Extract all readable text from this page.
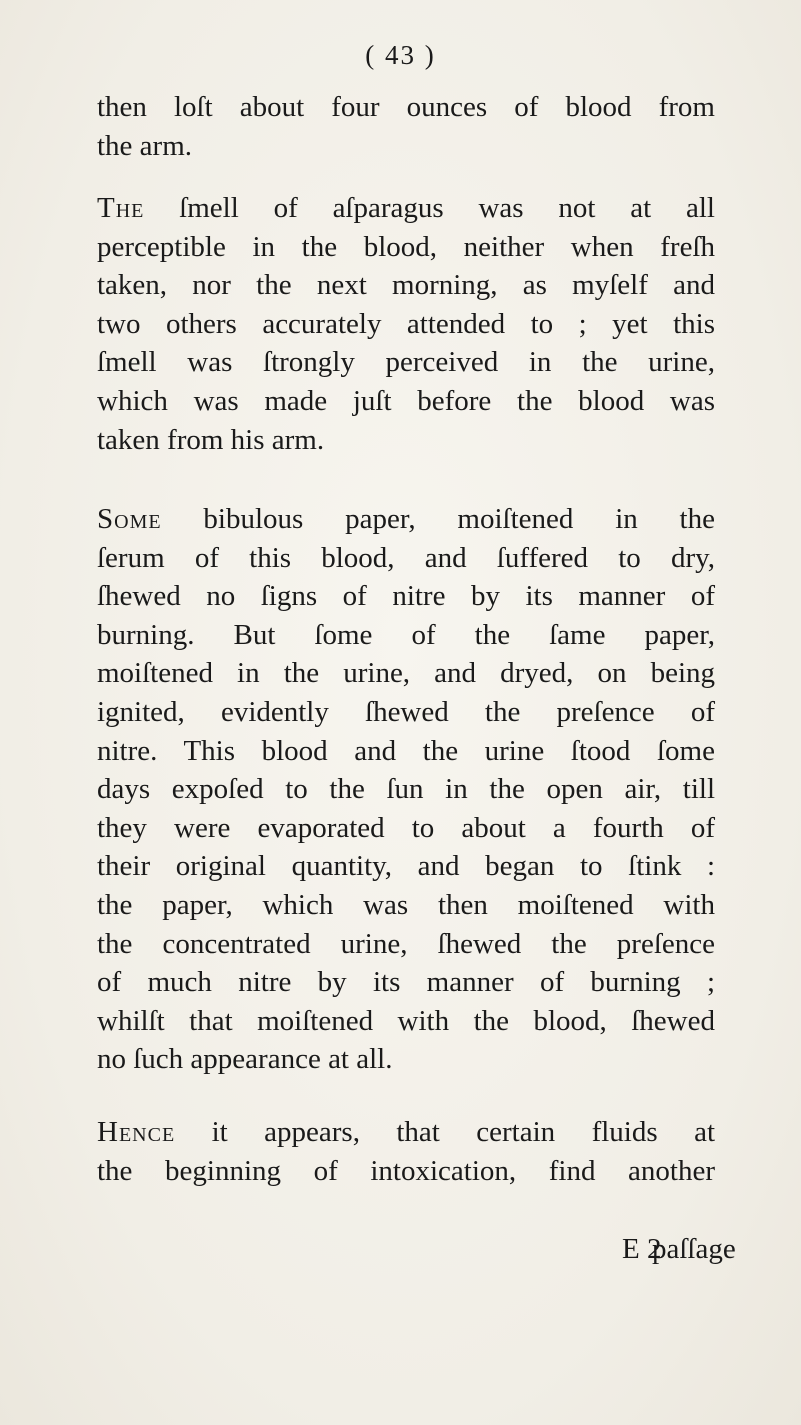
( 43 )
then loſt about four ounces of blood from
the arm.
The ſmell of aſparagus was not at all
perceptible in the blood, neither when freſh
taken, nor the next morning, as myſelf and
two others accurately attended to ; yet this
ſmell was ſtrongly perceived in the urine,
which was made juſt before the blood was
taken from his arm.
Some bibulous paper, moiſtened in the
ſerum of this blood, and ſuffered to dry,
ſhewed no ſigns of nitre by its manner of
burning. But ſome of the ſame paper,
moiſtened in the urine, and dryed, on being
ignited, evidently ſhewed the preſence of
nitre. This blood and the urine ſtood ſome
days expoſed to the ſun in the open air, till
they were evaporated to about a fourth of
their original quantity, and began to ſtink :
the paper, which was then moiſtened with
the concentrated urine, ſhewed the preſence
of much nitre by its manner of burning ;
whilſt that moiſtened with the blood, ſhewed
no ſuch appearance at all.
Hence it appears, that certain fluids at
the beginning of intoxication, find another
E 2
paſſage
